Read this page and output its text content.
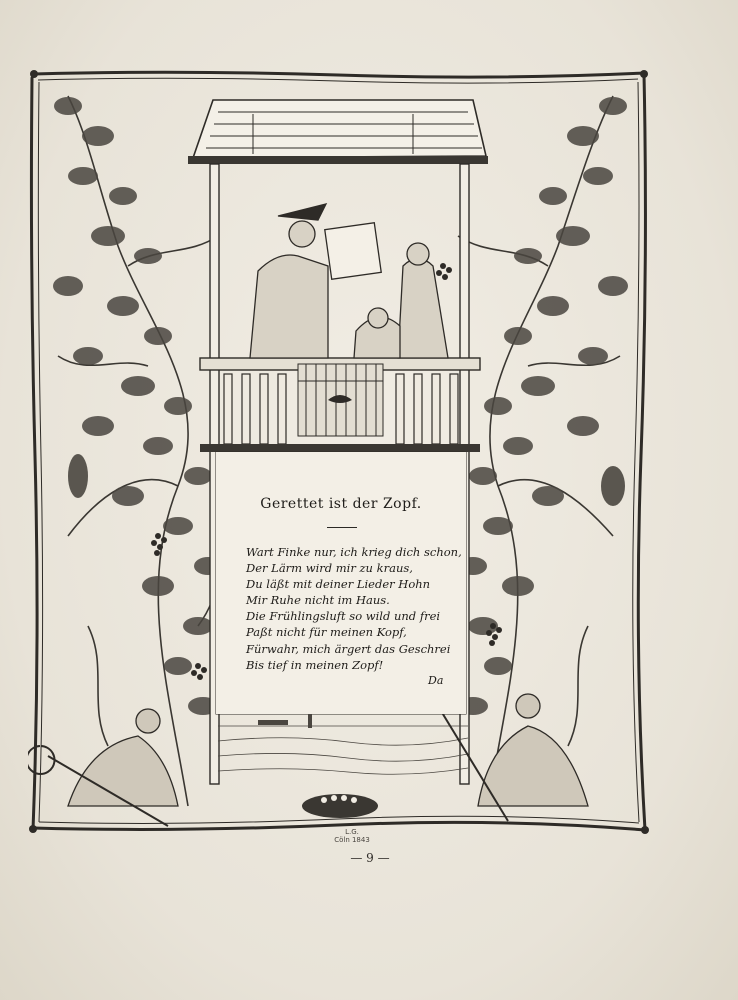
Gerettet ist der Zopf.
Wart Finke nur, ich krieg dich schon,
Der Lärm wird mir zu kraus,
Du läßt mit deiner Lieder Hohn
Mir Ruhe nicht im Haus.
Die Frühlingsluft so wild und frei
Paßt nicht für meinen Kopf,
Fürwahr, mich ärgert das Geschrei
Bis tief in meinen Zopf!
Da
L.G.
Cöln 1843
— 9 —
